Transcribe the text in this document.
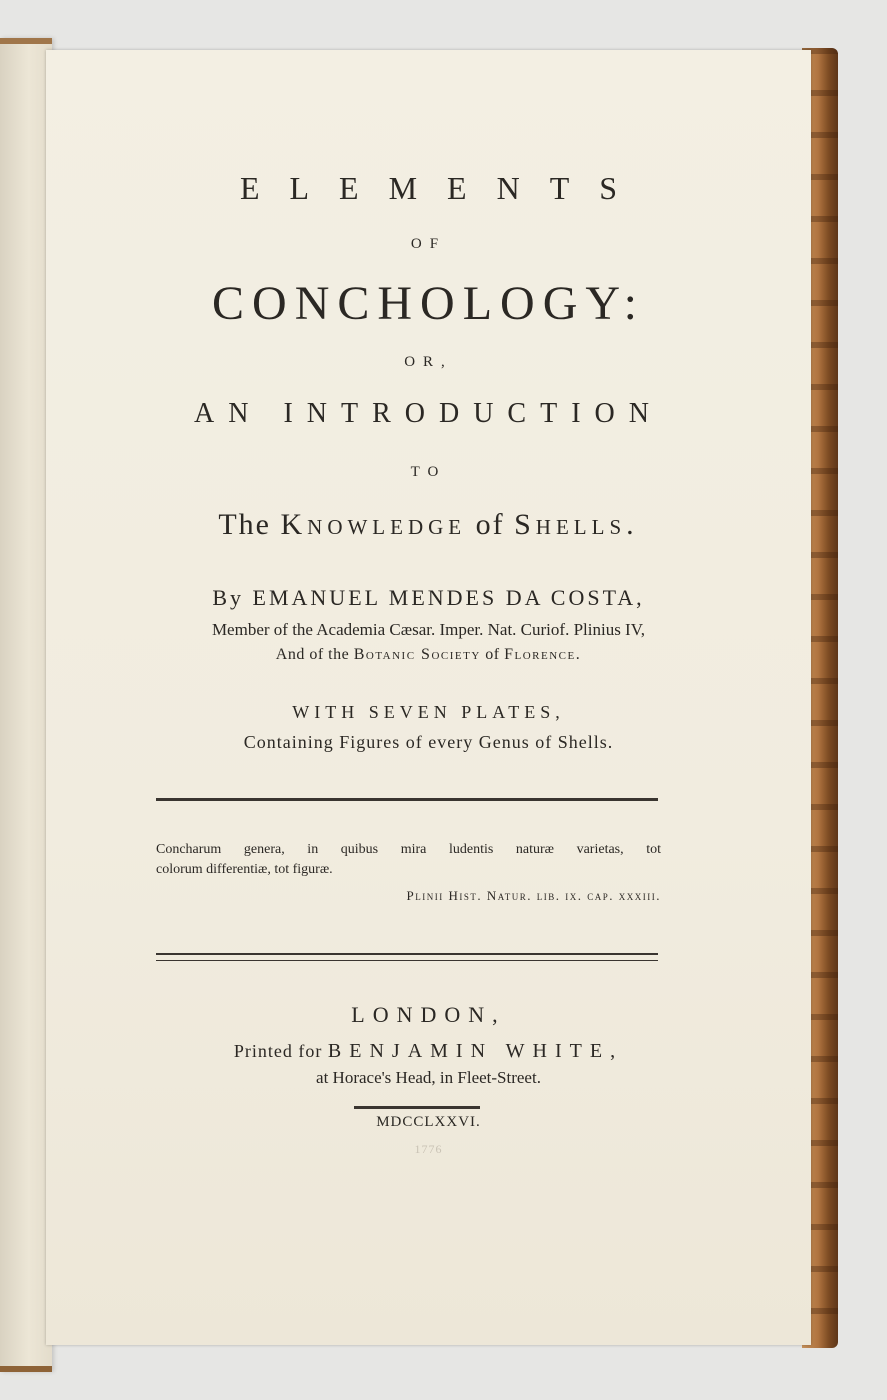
ELEMENTS
OF
CONCHOLOGY:
OR,
AN INTRODUCTION
TO
The Knowledge of Shells.
By EMANUEL MENDES DA COSTA,
Member of the Academia Cæsar. Imper. Nat. Curiof. Plinius IV,
And of the Botanic Society of Florence.
WITH SEVEN PLATES,
Containing Figures of every Genus of Shells.
Concharum genera, in quibus mira ludentis naturæ varietas, tot
colorum differentiæ, tot figuræ.
Plinii Hist. Natur. lib. ix. cap. xxxiii.
LONDON,
Printed for BENJAMIN WHITE,
at Horace's Head, in Fleet-Street.
MDCCLXXVI.
1776
